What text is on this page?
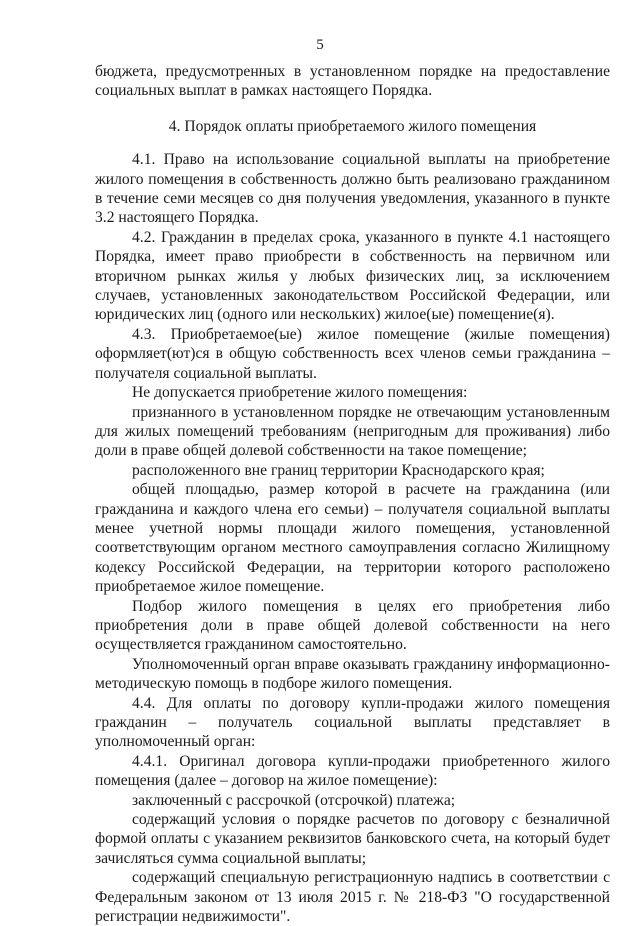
5

бюджета, предусмотренных в установленном порядке на предоставление социальных выплат в рамках настоящего Порядка.

4. Порядок оплаты приобретаемого жилого помещения

4.1. Право на использование социальной выплаты на приобретение жилого помещения в собственность должно быть реализовано гражданином в течение семи месяцев со дня получения уведомления, указанного в пункте 3.2 настоящего Порядка.

4.2. Гражданин в пределах срока, указанного в пункте 4.1 настоящего Порядка, имеет право приобрести в собственность на первичном или вторичном рынках жилья у любых физических лиц, за исключением случаев, установленных законодательством Российской Федерации, или юридических лиц (одного или нескольких) жилое(ые) помещение(я).

4.3. Приобретаемое(ые) жилое помещение (жилые помещения) оформляет(ют)ся в общую собственность всех членов семьи гражданина – получателя социальной выплаты.

Не допускается приобретение жилого помещения:

признанного в установленном порядке не отвечающим установленным для жилых помещений требованиям (непригодным для проживания) либо доли в праве общей долевой собственности на такое помещение;

расположенного вне границ территории Краснодарского края;

общей площадью, размер которой в расчете на гражданина (или гражданина и каждого члена его семьи) – получателя социальной выплаты менее учетной нормы площади жилого помещения, установленной соответствующим органом местного самоуправления согласно Жилищному кодексу Российской Федерации, на территории которого расположено приобретаемое жилое помещение.

Подбор жилого помещения в целях его приобретения либо приобретения доли в праве общей долевой собственности на него осуществляется гражданином самостоятельно.

Уполномоченный орган вправе оказывать гражданину информационно-методическую помощь в подборе жилого помещения.

4.4. Для оплаты по договору купли-продажи жилого помещения гражданин – получатель социальной выплаты представляет в уполномоченный орган:

4.4.1. Оригинал договора купли-продажи приобретенного жилого помещения (далее – договор на жилое помещение):

заключенный с рассрочкой (отсрочкой) платежа;

содержащий условия о порядке расчетов по договору с безналичной формой оплаты с указанием реквизитов банковского счета, на который будет зачисляться сумма социальной выплаты;

содержащий специальную регистрационную надпись в соответствии с Федеральным законом от 13 июля 2015 г. № 218-ФЗ "О государственной регистрации недвижимости".
